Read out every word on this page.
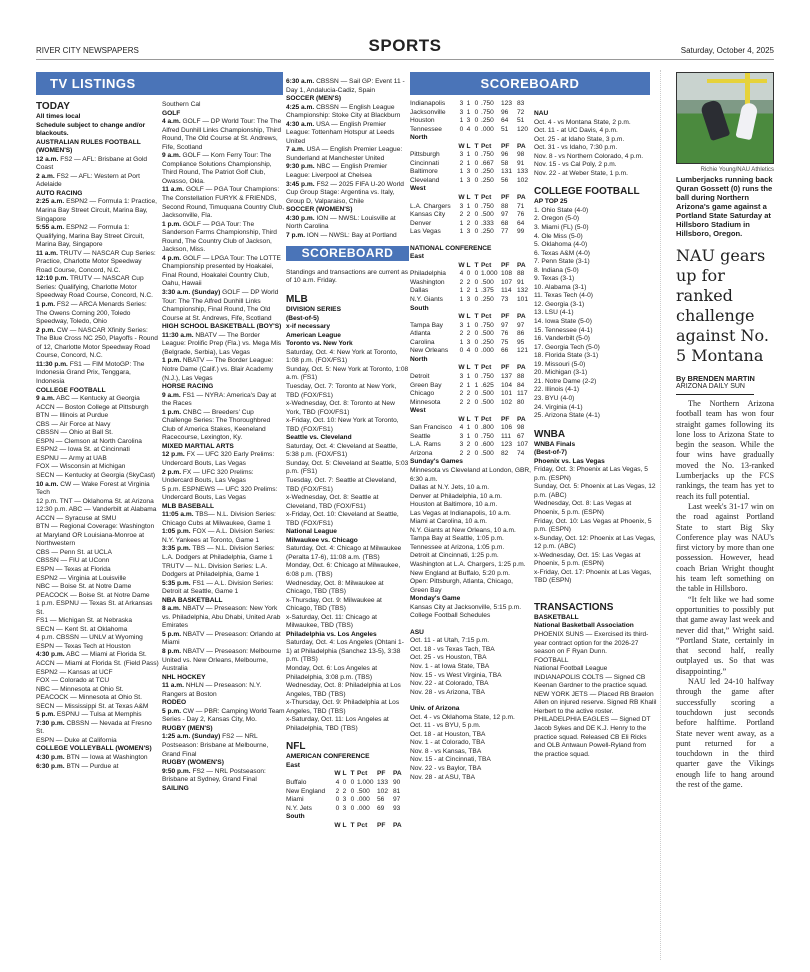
RIVER CITY NEWSPAPERS	SPORTS	Saturday, October 4, 2025
TV LISTINGS	SCOREBOARD
TODAY
All times local
Schedule subject to change and/or blackouts.
AUSTRALIAN RULES FOOTBALL (WOMEN'S)
12 a.m. FS2 — AFL: Brisbane at Gold Coast
2 a.m. FS2 — AFL: Western at Port Adelaide
AUTO RACING
2:25 a.m. ESPN2 — Formula 1: Practice, Marina Bay Street Circuit, Marina Bay, Singapore
5:55 a.m. ESPN2 — Formula 1: Qualifying, Marina Bay Street Circuit, Marina Bay, Singapore
11 a.m. TRUTV — NASCAR Cup Series: Practice, Charlotte Motor Speedway Road Course, Concord, N.C.
12:10 p.m. TRUTV — NASCAR Cup Series: Qualifying, Charlotte Motor Speedway Road Course, Concord, N.C.
1 p.m. FS2 — ARCA Menards Series: The Owens Corning 200, Toledo Speedway, Toledo, Ohio
2 p.m. CW — NASCAR Xfinity Series: The Blue Cross NC 250, Playoffs - Round of 12, Charlotte Motor Speedway Road Course, Concord, N.C.
11:30 p.m. FS1 — FIM MotoGP: The Indonesia Grand Prix, Tenggara, Indonesia
COLLEGE FOOTBALL
9 a.m. ABC — Kentucky at Georgia
ACCN — Boston College at Pittsburgh
BTN — Illinois at Purdue
CBS — Air Force at Navy
CBSSN — Ohio at Ball St.
ESPN — Clemson at North Carolina
ESPN2 — Iowa St. at Cincinnati
ESPNU — Army at UAB
FOX — Wisconsin at Michigan
SECN — Kentucky at Georgia (SkyCast)
10 a.m. CW — Wake Forest at Virginia Tech
12 p.m. TNT — Oklahoma St. at Arizona
12:30 p.m. ABC — Vanderbilt at Alabama
ACCN — Syracuse at SMU
BTN — Regional Coverage: Washington at Maryland OR Louisiana-Monroe at Northwestern
CBS — Penn St. at UCLA
CBSSN — FIU at UConn
ESPN — Texas at Florida
ESPN2 — Virginia at Louisville
NBC — Boise St. at Notre Dame
PEACOCK — Boise St. at Notre Dame
1 p.m. ESPNU — Texas St. at Arkansas St.
FS1 — Michigan St. at Nebraska
SECN — Kent St. at Oklahoma
4 p.m. CBSSN — UNLV at Wyoming
ESPN — Texas Tech at Houston
4:30 p.m. ABC — Miami at Florida St.
ACCN — Miami at Florida St. (Field Pass)
ESPN2 — Kansas at UCF
FOX — Colorado at TCU
NBC — Minnesota at Ohio St.
PEACOCK — Minnesota at Ohio St.
SECN — Mississippi St. at Texas A&M
5 p.m. ESPNU — Tulsa at Memphis
7:30 p.m. CBSSN — Nevada at Fresno St.
ESPN — Duke at California
COLLEGE VOLLEYBALL (WOMEN'S)
4:30 p.m. BTN — Iowa at Washington
6:30 p.m. BTN — Purdue at
Southern Cal
GOLF
4 a.m. GOLF — DP World Tour: The The Alfred Dunhill Links Championship, Third Round, The Old Course at St. Andrews, Fife, Scotland
9 a.m. GOLF — Korn Ferry Tour: The Compliance Solutions Championship, Third Round, The Patriot Golf Club, Owasso, Okla.
11 a.m. GOLF — PGA Tour Champions: The Constellation FURYK & FRIENDS, Second Round, Timuquana Country Club, Jacksonville, Fla.
1 p.m. GOLF — PGA Tour: The Sanderson Farms Championship, Third Round, The Country Club of Jackson, Jackson, Miss.
4 p.m. GOLF — LPGA Tour: The LOTTE Championship presented by Hoakalei, Final Round, Hoakalei Country Club, Oahu, Hawaii
3:30 a.m. (Sunday) GOLF — DP World Tour: The The Alfred Dunhill Links Championship, Final Round, The Old Course at St. Andrews, Fife, Scotland
HIGH SCHOOL BASKETBALL (BOY'S)
11:30 a.m. NBATV — The Border League: Prolific Prep (Fla.) vs. Mega Mis (Belgrade, Serbia), Las Vegas
1 p.m. NBATV — The Border League: Notre Dame (Calif.) vs. Blair Academy (N.J.), Las Vegas
HORSE RACING
9 a.m. FS1 — NYRA: America's Day at the Races
1 p.m. CNBC — Breeders' Cup Challenge Series: The Thoroughbred Club of America Stakes, Keeneland Racecourse, Lexington, Ky.
MIXED MARTIAL ARTS
12 p.m. FX — UFC 320 Early Prelims: Undercard Bouts, Las Vegas
2 p.m. FX — UFC 320 Prelims: Undercard Bouts, Las Vegas
5 p.m. ESPNEWS — UFC 320 Prelims: Undercard Bouts, Las Vegas
MLB BASEBALL
11:05 a.m. TBS— N.L. Division Series: Chicago Cubs at Milwaukee, Game 1
1:05 p.m. FOX — A.L. Division Series: N.Y. Yankees at Toronto, Game 1
3:35 p.m. TBS — N.L. Division Series: L.A. Dodgers at Philadelphia, Game 1
TRUTV — N.L. Division Series: L.A. Dodgers at Philadelphia, Game 1
5:35 p.m. FS1 — A.L. Division Series: Detroit at Seattle, Game 1
NBA BASKETBALL
8 a.m. NBATV — Preseason: New York vs. Philadelphia, Abu Dhabi, United Arab Emirates
5 p.m. NBATV — Preseason: Orlando at Miami
8 p.m. NBATV — Preseason: Melbourne United vs. New Orleans, Melbourne, Australia
NHL HOCKEY
11 a.m. NHLN — Preseason: N.Y. Rangers at Boston
RODEO
5 p.m. CW — PBR: Camping World Team Series - Day 2, Kansas City, Mo.
RUGBY (MEN'S)
1:25 a.m. (Sunday) FS2 — NRL Postseason: Brisbane at Melbourne, Grand Final
RUGBY (WOMEN'S)
9:50 p.m. FS2 — NRL Postseason: Brisbane at Sydney, Grand Final
SAILING
6:30 a.m. CBSSN — Sail GP: Event 11 - Day 1, Andalucia-Cadiz, Spain
SOCCER (MEN'S)
4:25 a.m. CBSSN — English League Championship: Stoke City at Blackburn
4:30 a.m. USA — English Premier League: Tottenham Hotspur at Leeds United
7 a.m. USA — English Premier League: Sunderland at Manchester United
9:30 p.m. NBC — English Premier League: Liverpool at Chelsea
3:45 p.m. FS2 — 2025 FIFA U-20 World Cup Group Stage: Argentina vs. Italy, Group D, Valparaiso, Chile
SOCCER (WOMEN'S)
4:30 p.m. ION — NWSL: Louisville at North Carolina
7 p.m. ION — NWSL: Bay at Portland
SCOREBOARD
Standings and transactions are current as of 10 a.m. Friday.
MLB
DIVISION SERIES
(Best-of-5)
x-if necessary
American League
Toronto vs. New York
Saturday, Oct. 4: New York at Toronto, 1:08 p.m. (FOX/FS1)
Sunday, Oct. 5: New York at Toronto, 1:08 a.m. (FS1)
Tuesday, Oct. 7: Toronto at New York, TBD (FOX/FS1)
x-Wednesday, Oct. 8: Toronto at New York, TBD (FOX/FS1)
x-Friday, Oct. 10: New York at Toronto, TBD (FOX/FS1)
Seattle vs. Cleveland
Saturday, Oct. 4: Cleveland at Seattle, 5:38 p.m. (FOX/FS1)
Sunday, Oct. 5: Cleveland at Seattle, 5:03 p.m. (FS1)
Tuesday, Oct. 7: Seattle at Cleveland, TBD (FOX/FS1)
x-Wednesday, Oct. 8: Seattle at Cleveland, TBD (FOX/FS1)
x-Friday, Oct. 10: Cleveland at Seattle, TBD (FOX/FS1)
National League
Milwaukee vs. Chicago
Saturday, Oct. 4: Chicago at Milwaukee (Peralta 17-6), 11:08 a.m. (TBS)
Monday, Oct. 6: Chicago at Milwaukee, 6:08 p.m. (TBS)
Wednesday, Oct. 8: Milwaukee at Chicago, TBD (TBS)
x-Thursday, Oct. 9: Milwaukee at Chicago, TBD (TBS)
x-Saturday, Oct. 11: Chicago at Milwaukee, TBD (TBS)
Philadelphia vs. Los Angeles
Saturday, Oct. 4: Los Angeles (Ohtani 1-1) at Philadelphia (Sanchez 13-5), 3:38 p.m. (TBS)
Monday, Oct. 6: Los Angeles at Philadelphia, 3:08 p.m. (TBS)
Wednesday, Oct. 8: Philadelphia at Los Angeles, TBD (TBS)
x-Thursday, Oct. 9: Philadelphia at Los Angeles, TBD (TBS)
x-Saturday, Oct. 11: Los Angeles at Philadelphia, TBD (TBS)
NFL
AMERICAN CONFERENCE
East
W L T Pct	PF	PA
Buffalo	4 0 0 1.000 133 90
New England	2 2 0 .500	102 81
Miami	0 3 0 .000	56	97
N.Y. Jets	0 3 0 .000	69	93
South
W L T Pct	PF	PA
Indianapolis	3 1 0 .750	123 83
Jacksonville	3 1 0 .750	96	72
Houston	1 3 0 .250	64	51
Tennessee	0 4 0 .000	51	120
North
W L T Pct	PF	PA
Pittsburgh	3 1 0 .750	96	98
Cincinnati	2 1 0 .667	58	91
Baltimore	1 3 0 .250	131 133
Cleveland	1 3 0 .250	56	102
West
W L T Pct	PF	PA
L.A. Chargers	3 1 0 .750	88	71
Kansas City	2 2 0 .500	97	76
Denver	1 2 0 .333	68	64
Las Vegas	1 3 0 .250	77	99
NATIONAL CONFERENCE
East
W L T Pct	PF	PA
Philadelphia	4 0 0 1.000 108 88
Washington	2 2 0 .500	107 91
Dallas	1 2 1 .375	114 132
N.Y. Giants	1 3 0 .250	73	101
South
W L T Pct	PF	PA
Tampa Bay	3 1 0 .750	97	97
Atlanta	2 2 0 .500	76	86
Carolina	1 3 0 .250	75	95
New Orleans	0 4 0 .000	66	121
North
W L T Pct	PF	PA
Detroit	3 1 0 .750	137 88
Green Bay	2 1 1 .625	104 84
Chicago	2 2 0 .500	101 117
Minnesota	2 2 0 .500	102 80
West
W L T Pct	PF	PA
San Francisco	4 1 0 .800	106 98
Seattle	3 1 0 .750	111 67
L.A. Rams	3 2 0 .600	123 107
Arizona	2 2 0 .500	82	74
Sunday's Games
Minnesota vs Cleveland at London, GBR, 6:30 a.m.
Dallas at N.Y. Jets, 10 a.m.
Denver at Philadelphia, 10 a.m.
Houston at Baltimore, 10 a.m.
Las Vegas at Indianapolis, 10 a.m.
Miami at Carolina, 10 a.m.
N.Y. Giants at New Orleans, 10 a.m.
Tampa Bay at Seattle, 1:05 p.m.
Tennessee at Arizona, 1:05 p.m.
Detroit at Cincinnati, 1:25 p.m.
Washington at L.A. Chargers, 1:25 p.m.
New England at Buffalo, 5:20 p.m.
Open: Pittsburgh, Atlanta, Chicago, Green Bay
Monday's Game
Kansas City at Jacksonville, 5:15 p.m.
College Football Schedules
ASU
Oct. 11 - at Utah, 7:15 p.m.
Oct. 18 - vs Texas Tach, TBA
Oct. 25 - vs Houston, TBA
Nov. 1 - at Iowa State, TBA
Nov. 15 - vs West Virginia, TBA
Nov. 22 - at Colorado, TBA
Nov. 28 - vs Arizona, TBA
Univ. of Arizona
Oct. 4 - vs Oklahoma State, 12 p.m.
Oct. 11 - vs BYU, 5 p.m.
Oct. 18 - at Houston, TBA
Nov. 1 - at Colorado, TBA
Nov. 8 - vs Kansas, TBA
Nov. 15 - at Cincinnati, TBA
Nov. 22 - vs Baylor, TBA
Nov. 28 - at ASU, TBA
NAU
Oct. 4 - vs Montana State, 2 p.m.
Oct. 11 - at UC Davis, 4 p.m.
Oct. 25 - at Idaho State, 3 p.m.
Oct. 31 - vs Idaho, 7:30 p.m.
Nov. 8 - vs Northern Colorado, 4 p.m.
Nov. 15 - vs Cal Poly, 2 p.m.
Nov. 22 - at Weber State, 1 p.m.
COLLEGE FOOTBALL
AP TOP 25
1. Ohio State (4-0)
2. Oregon (5-0)
3. Miami (FL) (5-0)
4. Ole Miss (5-0)
5. Oklahoma (4-0)
6. Texas A&M (4-0)
7. Penn State (3-1)
8. Indiana (5-0)
9. Texas (3-1)
10. Alabama (3-1)
11. Texas Tech (4-0)
12. Georgia (3-1)
13. LSU (4-1)
14. Iowa State (5-0)
15. Tennessee (4-1)
16. Vanderbilt (5-0)
17. Georgia Tech (5-0)
18. Florida State (3-1)
19. Missouri (5-0)
20. Michigan (3-1)
21. Notre Dame (2-2)
22. Illinois (4-1)
23. BYU (4-0)
24. Virginia (4-1)
25. Arizona State (4-1)
WNBA
WNBA Finals
(Best-of-7)
Phoenix vs. Las Vegas
Friday, Oct. 3: Phoenix at Las Vegas, 5 p.m. (ESPN)
Sunday, Oct. 5: Phoenix at Las Vegas, 12 p.m. (ABC)
Wednesday, Oct. 8: Las Vegas at Phoenix, 5 p.m. (ESPN)
Friday, Oct. 10: Las Vegas at Phoenix, 5 p.m. (ESPN)
x-Sunday, Oct. 12: Phoenix at Las Vegas, 12 p.m. (ABC)
x-Wednesday, Oct. 15: Las Vegas at Phoenix, 5 p.m. (ESPN)
x-Friday, Oct. 17: Phoenix at Las Vegas, TBD (ESPN)
TRANSACTIONS
BASKETBALL
National Basketball Association
PHOENIX SUNS — Exercised its third-year contract option for the 2026-27 season on F Ryan Dunn.
FOOTBALL
National Football League
INDIANAPOLIS COLTS — Signed CB Keenan Gardner to the practice squad.
NEW YORK JETS — Placed RB Braelon Allen on injured reserve. Signed RB Khalil Herbert to the active roster.
PHILADELPHIA EAGLES — Signed DT Jacob Sykes and DE K.J. Henry to the practice squad. Released CB Eli Ricks and OLB Antwaun Powell-Ryland from the practice squad.
Richie Young/NAU Athletics
Lumberjacks running back Quran Gossett (0) runs the ball during Northern Arizona's game against a Portland State Saturday at Hillsboro Stadium in Hillsboro, Oregon.
NAU gears up for ranked challenge against No. 5 Montana
By BRENDEN MARTIN
ARIZONA DAILY SUN

The Northern Arizona football team has won four straight games following its lone loss to Arizona State to begin the season. While the four wins have gradually moved the No. 13-ranked Lumberjacks up the FCS rankings, the team has yet to reach its full potential.

Last week's 31-17 win on the road against Portland State to start Big Sky Conference play was NAU's first victory by more than one possession. However, head coach Brian Wright thought his team left something on the table in Hillsboro.

“It felt like we had some opportunities to possibly put that game away last week and never did that,” Wright said. “Portland State, certainly in that second half, really outplayed us. So that was disappointing.”

NAU led 24-10 halfway through the game after successfully scoring a touchdown just seconds before halftime. Portland State never went away, as a punt returned for a touchdown in the third quarter gave the Vikings enough life to hang around the rest of the game.
